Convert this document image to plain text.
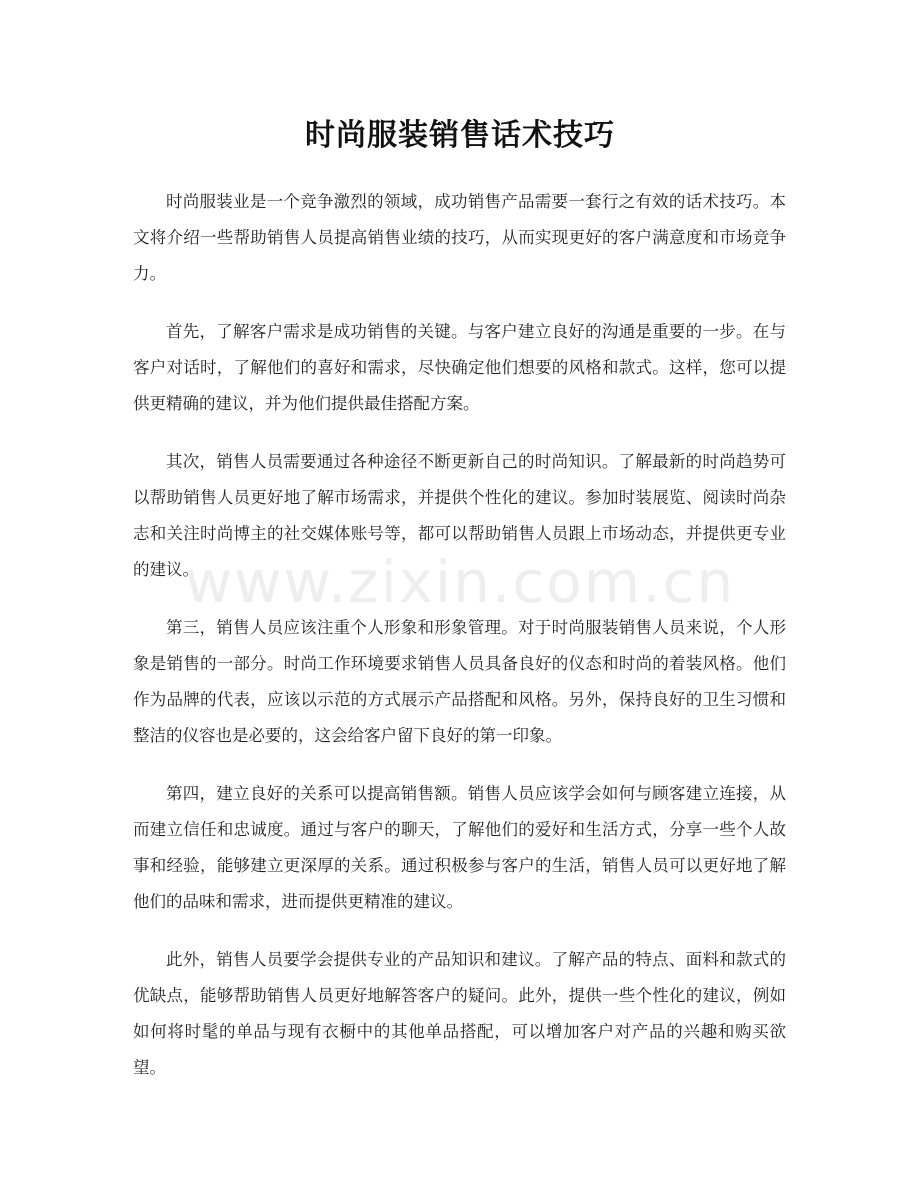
时尚服装销售话术技巧

时尚服装业是一个竞争激烈的领域，成功销售产品需要一套行之有效的话术技巧。本文将介绍一些帮助销售人员提高销售业绩的技巧，从而实现更好的客户满意度和市场竞争力。

首先，了解客户需求是成功销售的关键。与客户建立良好的沟通是重要的一步。在与客户对话时，了解他们的喜好和需求，尽快确定他们想要的风格和款式。这样，您可以提供更精确的建议，并为他们提供最佳搭配方案。

其次，销售人员需要通过各种途径不断更新自己的时尚知识。了解最新的时尚趋势可以帮助销售人员更好地了解市场需求，并提供个性化的建议。参加时装展览、阅读时尚杂志和关注时尚博主的社交媒体账号等，都可以帮助销售人员跟上市场动态，并提供更专业的建议。

第三，销售人员应该注重个人形象和形象管理。对于时尚服装销售人员来说，个人形象是销售的一部分。时尚工作环境要求销售人员具备良好的仪态和时尚的着装风格。他们作为品牌的代表，应该以示范的方式展示产品搭配和风格。另外，保持良好的卫生习惯和整洁的仪容也是必要的，这会给客户留下良好的第一印象。

第四，建立良好的关系可以提高销售额。销售人员应该学会如何与顾客建立连接，从而建立信任和忠诚度。通过与客户的聊天，了解他们的爱好和生活方式，分享一些个人故事和经验，能够建立更深厚的关系。通过积极参与客户的生活，销售人员可以更好地了解他们的品味和需求，进而提供更精准的建议。

此外，销售人员要学会提供专业的产品知识和建议。了解产品的特点、面料和款式的优缺点，能够帮助销售人员更好地解答客户的疑问。此外，提供一些个性化的建议，例如如何将时髦的单品与现有衣橱中的其他单品搭配，可以增加客户对产品的兴趣和购买欲望。

www.zixin.com.cn
